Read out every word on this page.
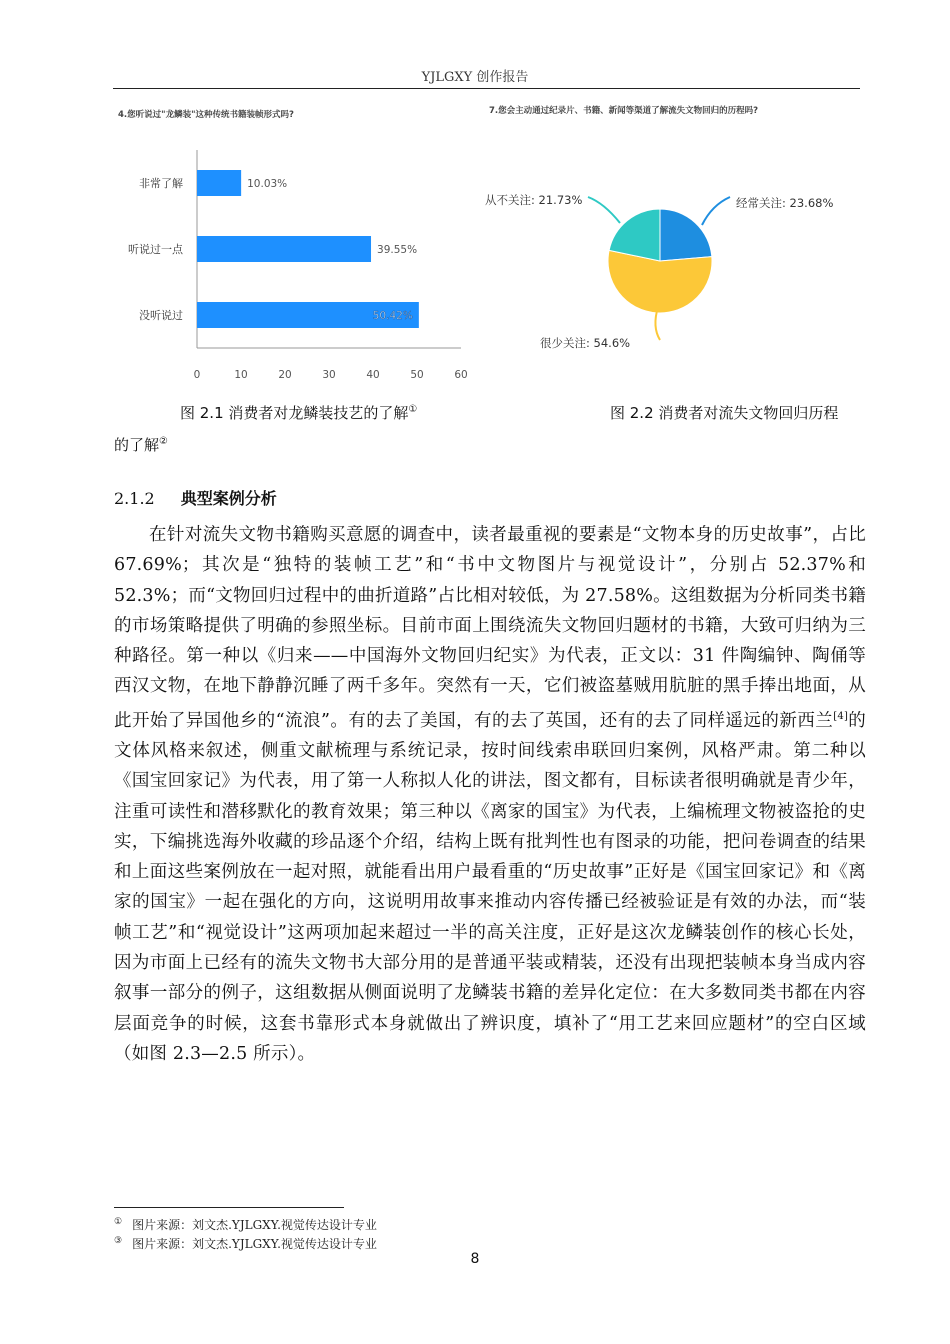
YJLGXY 创作报告
4.您听说过"龙鳞装"这种传统书籍装帧形式吗?
非常了解
听说过一点
没听说过
10.03%
39.55%
50.42%
0	10	20	30	40	50	60
7.您会主动通过纪录片、书籍、新闻等渠道了解流失文物回归的历程吗?
从不关注: 21.73%	经常关注: 23.68%
很少关注: 54.6%
图 2.1 消费者对龙鳞装技艺的了解①	图 2.2 消费者对流失文物回归历程
的了解②
2.1.2 典型案例分析
在针对流失文物书籍购买意愿的调查中，读者最重视的要素是“文物本身的历史故事”，占比 67.69%；其次是“独特的装帧工艺”和“书中文物图片与视觉设计”，分别占 52.37%和 52.3%；而“文物回归过程中的曲折道路”占比相对较低，为 27.58%。这组数据为分析同类书籍的市场策略提供了明确的参照坐标。目前市面上围绕流失文物回归题材的书籍，大致可归纳为三种路径。第一种以《归来——中国海外文物回归纪实》为代表，正文以：31 件陶编钟、陶俑等西汉文物，在地下静静沉睡了两千多年。突然有一天，它们被盗墓贼用肮脏的黑手捧出地面，从此开始了异国他乡的“流浪”。有的去了美国，有的去了英国，还有的去了同样遥远的新西兰[4]的文体风格来叙述，侧重文献梳理与系统记录，按时间线索串联回归案例，风格严肃。第二种以《国宝回家记》为代表，用了第一人称拟人化的讲法，图文都有，目标读者很明确就是青少年，注重可读性和潜移默化的教育效果；第三种以《离家的国宝》为代表，上编梳理文物被盗抢的史实，下编挑选海外收藏的珍品逐个介绍，结构上既有批判性也有图录的功能，把问卷调查的结果和上面这些案例放在一起对照，就能看出用户最看重的“历史故事”正好是《国宝回家记》和《离家的国宝》一起在强化的方向，这说明用故事来推动内容传播已经被验证是有效的办法，而“装帧工艺”和“视觉设计”这两项加起来超过一半的高关注度，正好是这次龙鳞装创作的核心长处，因为市面上已经有的流失文物书大部分用的是普通平装或精装，还没有出现把装帧本身当成内容叙事一部分的例子，这组数据从侧面说明了龙鳞装书籍的差异化定位：在大多数同类书都在内容层面竞争的时候，这套书靠形式本身就做出了辨识度，填补了“用工艺来回应题材”的空白区域（如图 2.3—2.5 所示）。
① 图片来源：刘文杰.YJLGXY.视觉传达设计专业
③ 图片来源：刘文杰.YJLGXY.视觉传达设计专业
8
